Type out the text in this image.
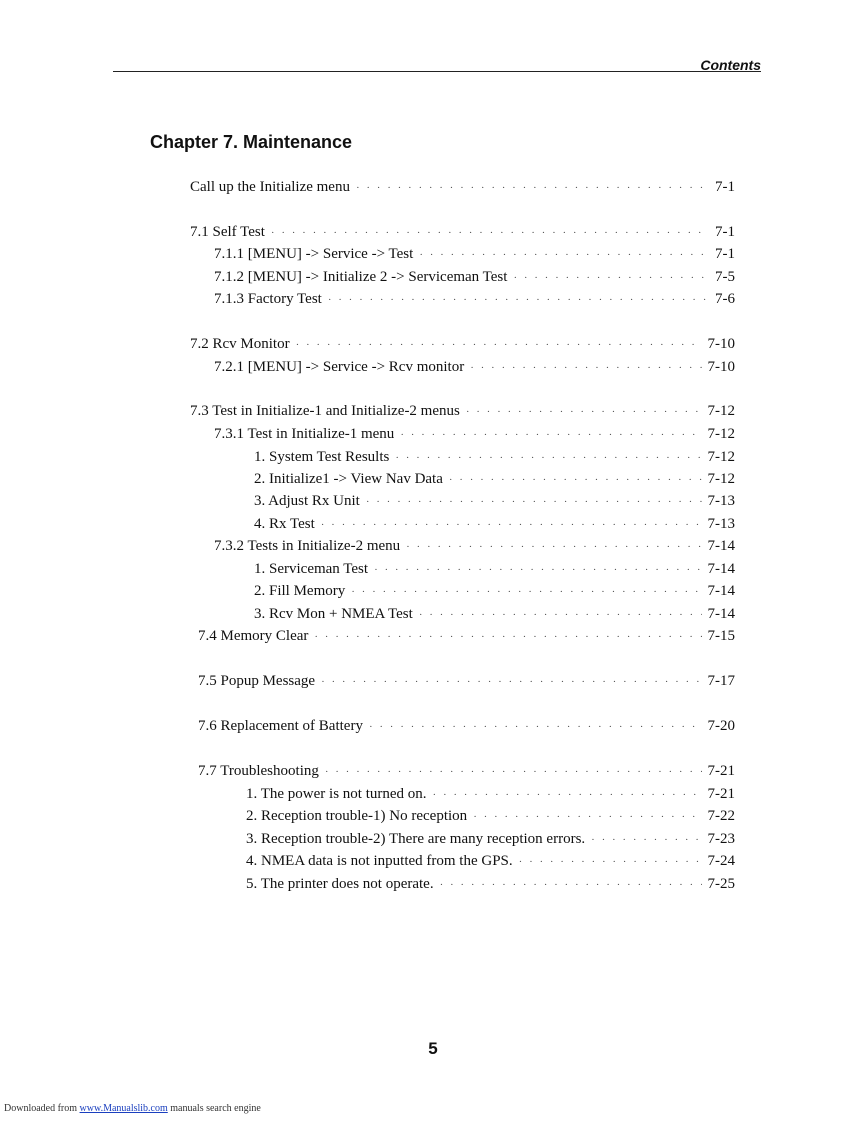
Contents
Chapter 7. Maintenance
Call up the Initialize menu · · ·	7-1
7.1 Self Test · · ·	7-1
7.1.1 [MENU] -> Service -> Test · · ·	7-1
7.1.2 [MENU] -> Initialize 2 -> Serviceman Test · · ·	7-5
7.1.3 Factory Test · · ·	7-6
7.2 Rcv Monitor · · ·	7-10
7.2.1 [MENU] -> Service -> Rcv monitor · · ·	7-10
7.3 Test in Initialize-1 and Initialize-2 menus · · ·	7-12
7.3.1 Test in Initialize-1 menu · · ·	7-12
1. System Test Results · · ·	7-12
2. Initialize1 -> View Nav Data · · ·	7-12
3. Adjust Rx Unit · · ·	7-13
4. Rx Test · · ·	7-13
7.3.2 Tests in Initialize-2 menu · · ·	7-14
1. Serviceman Test · · ·	7-14
2. Fill Memory · · ·	7-14
3. Rcv Mon + NMEA Test · · ·	7-14
7.4 Memory Clear · · ·	7-15
7.5 Popup Message · · ·	7-17
7.6 Replacement of Battery · · ·	7-20
7.7 Troubleshooting · · ·	7-21
1. The power is not turned on. · · ·	7-21
2. Reception trouble-1) No reception · · ·	7-22
3. Reception trouble-2) There are many reception errors. · · ·	7-23
4. NMEA data is not inputted from the GPS. · · ·	7-24
5. The printer does not operate. · · ·	7-25
5
Downloaded from www.Manualslib.com manuals search engine
